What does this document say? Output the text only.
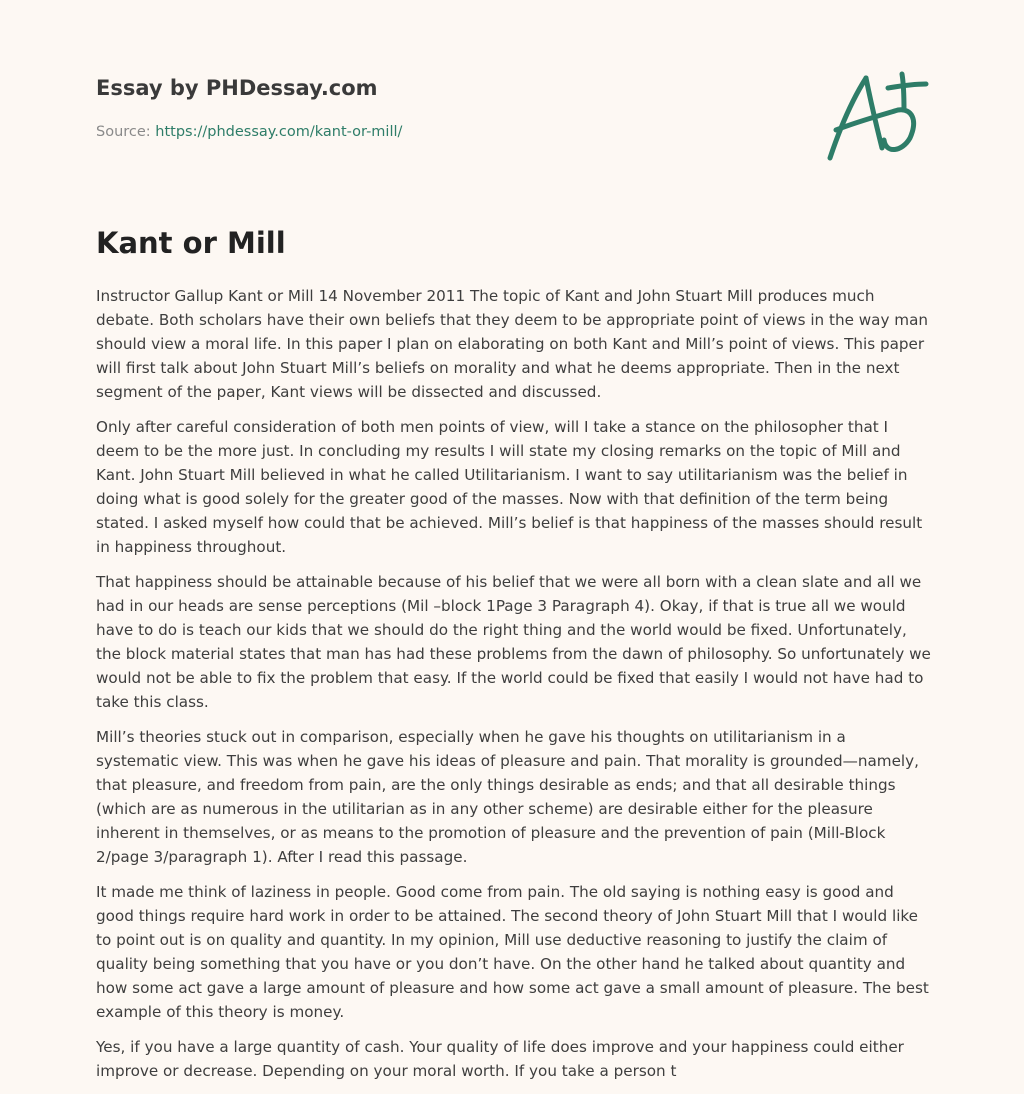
Essay by PHDessay.com
Source: https://phdessay.com/kant-or-mill/
Kant or Mill

Instructor Gallup Kant or Mill 14 November 2011 The topic of Kant and John Stuart Mill produces much debate. Both scholars have their own beliefs that they deem to be appropriate point of views in the way man should view a moral life. In this paper I plan on elaborating on both Kant and Mill’s point of views. This paper will first talk about John Stuart Mill’s beliefs on morality and what he deems appropriate. Then in the next segment of the paper, Kant views will be dissected and discussed.

Only after careful consideration of both men points of view, will I take a stance on the philosopher that I deem to be the more just. In concluding my results I will state my closing remarks on the topic of Mill and Kant. John Stuart Mill believed in what he called Utilitarianism. I want to say utilitarianism was the belief in doing what is good solely for the greater good of the masses. Now with that definition of the term being stated. I asked myself how could that be achieved. Mill’s belief is that happiness of the masses should result in happiness throughout.

That happiness should be attainable because of his belief that we were all born with a clean slate and all we had in our heads are sense perceptions (Mil –block 1Page 3 Paragraph 4). Okay, if that is true all we would have to do is teach our kids that we should do the right thing and the world would be fixed. Unfortunately, the block material states that man has had these problems from the dawn of philosophy. So unfortunately we would not be able to fix the problem that easy. If the world could be fixed that easily I would not have had to take this class.

Mill’s theories stuck out in comparison, especially when he gave his thoughts on utilitarianism in a systematic view. This was when he gave his ideas of pleasure and pain. That morality is grounded—namely, that pleasure, and freedom from pain, are the only things desirable as ends; and that all desirable things (which are as numerous in the utilitarian as in any other scheme) are desirable either for the pleasure inherent in themselves, or as means to the promotion of pleasure and the prevention of pain (Mill-Block 2/page 3/paragraph 1). After I read this passage.

It made me think of laziness in people. Good come from pain. The old saying is nothing easy is good and good things require hard work in order to be attained. The second theory of John Stuart Mill that I would like to point out is on quality and quantity. In my opinion, Mill use deductive reasoning to justify the claim of quality being something that you have or you don’t have. On the other hand he talked about quantity and how some act gave a large amount of pleasure and how some act gave a small amount of pleasure. The best example of this theory is money.

Yes, if you have a large quantity of cash. Your quality of life does improve and your happiness could either improve or decrease. Depending on your moral worth. If you take a person t
